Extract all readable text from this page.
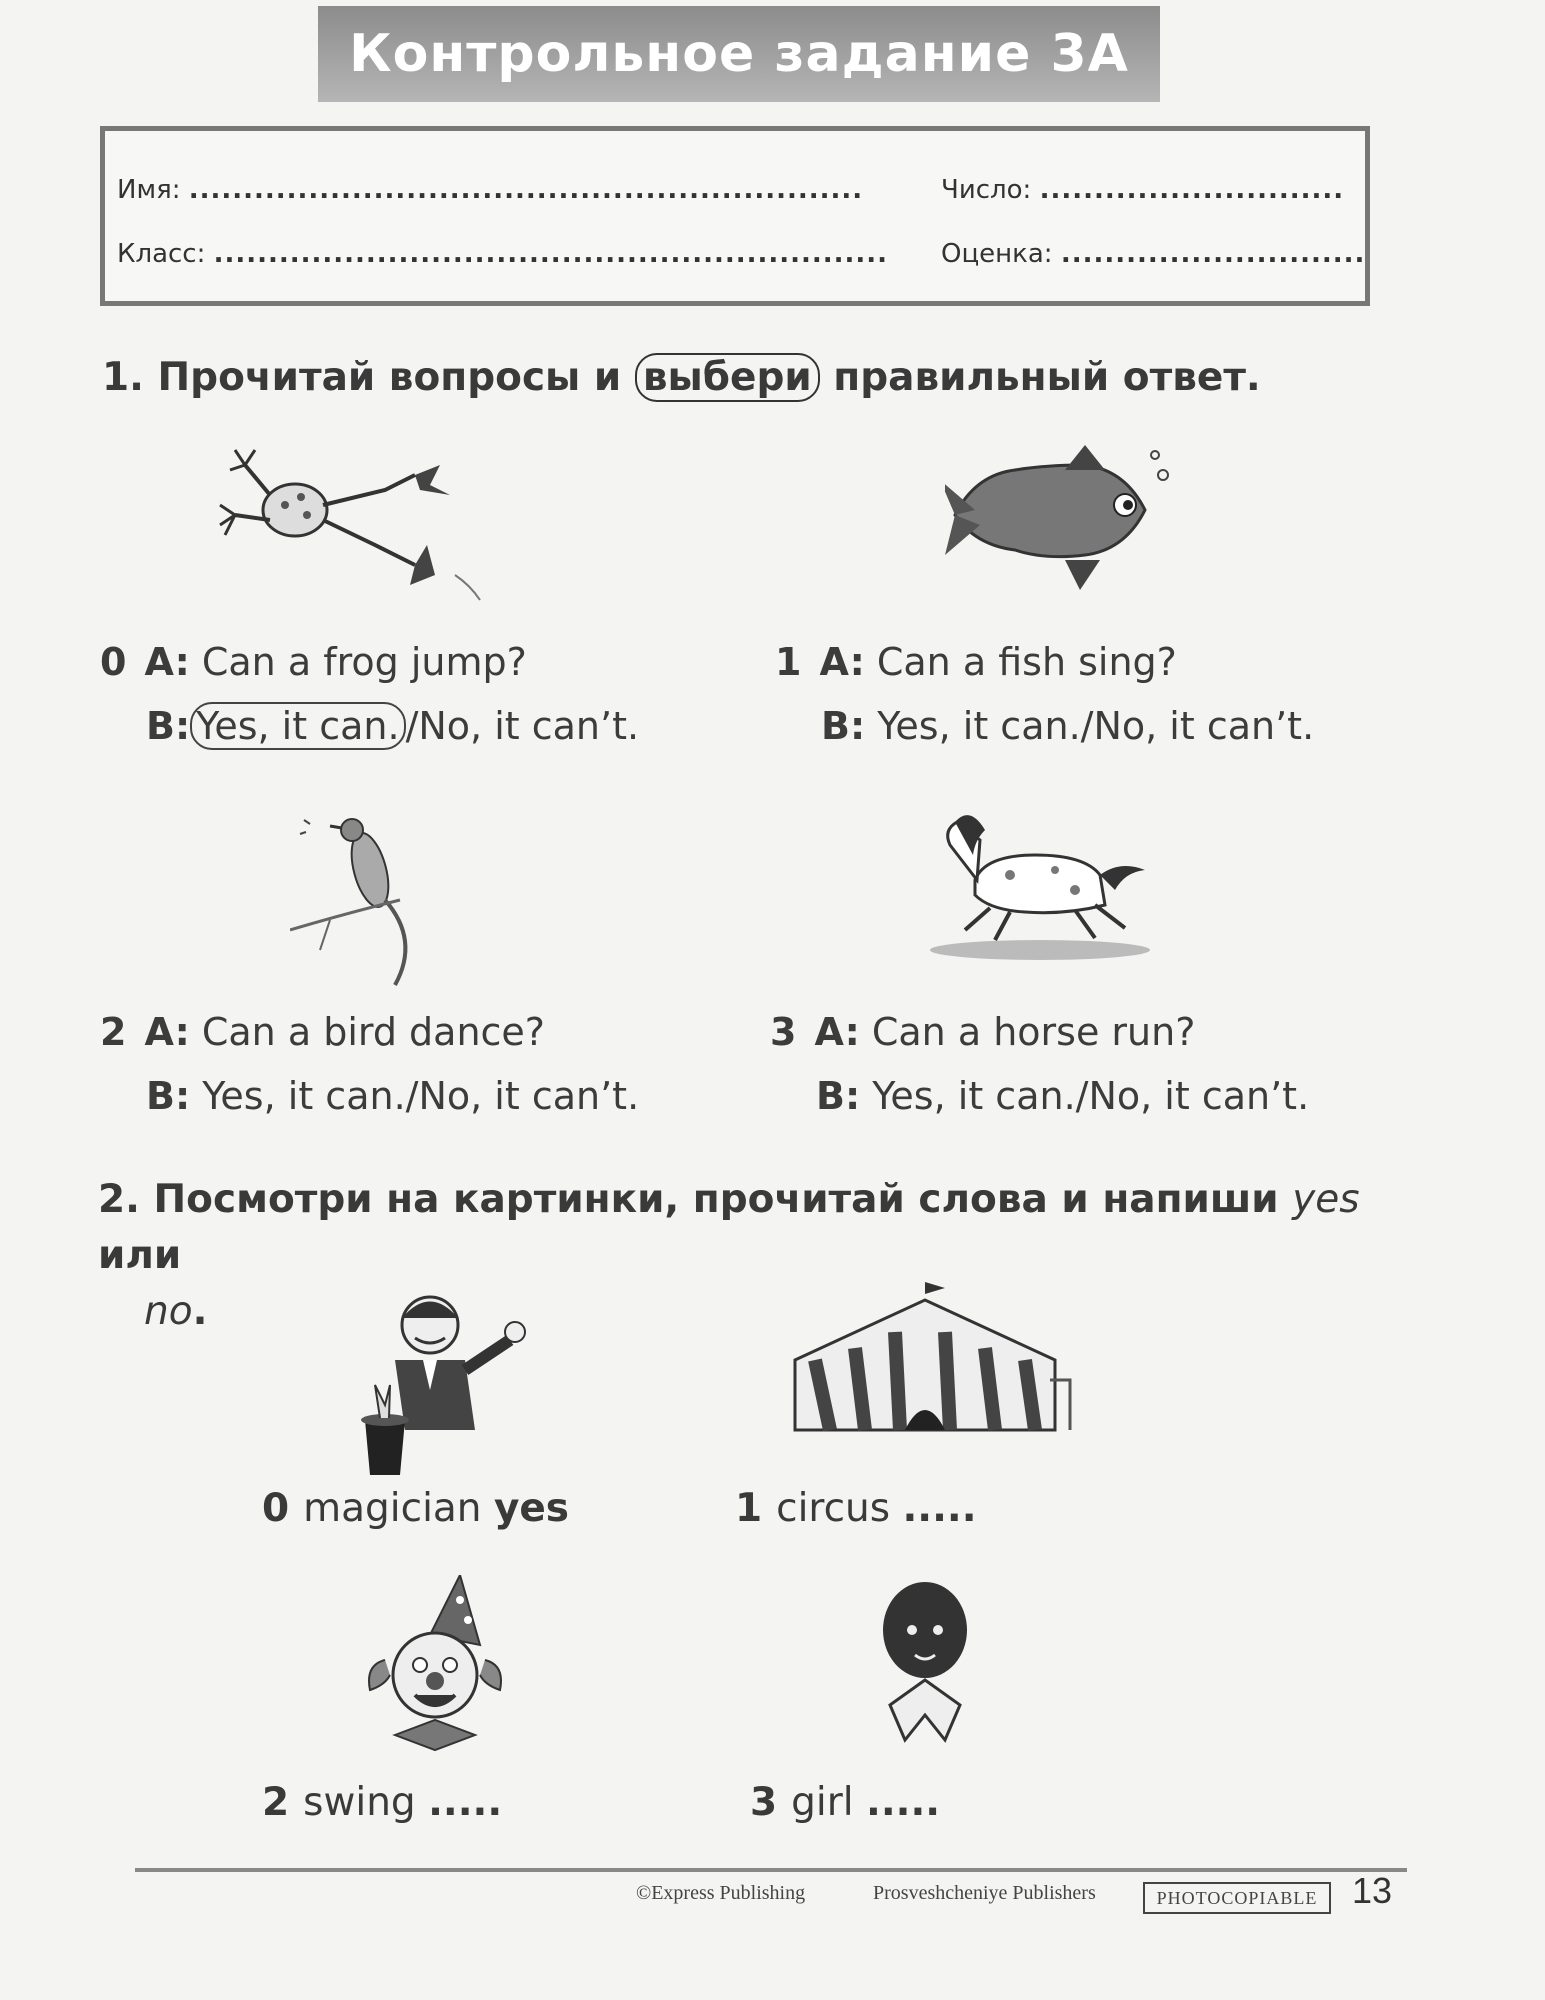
Контрольное задание 3А
Имя: ..............................................................	Число: ............................
Класс: .............................................................. Оценка: ............................
1. Прочитай вопросы и выбери правильный ответ.
0 A: Can a frog jump?
B: Yes, it can. /No, it can’t.
1 A: Can a fish sing?
B: Yes, it can./No, it can’t.
2 A: Can a bird dance?
B: Yes, it can./No, it can’t.
3 A: Can a horse run?
B: Yes, it can./No, it can’t.
2. Посмотри на картинки, прочитай слова и напиши yes или
no.
0 magician yes	1 circus .....
2 swing .....	3 girl .....
©Express Publishing	Prosveshcheniye Publishers	PHOTOCOPIABLE 13
